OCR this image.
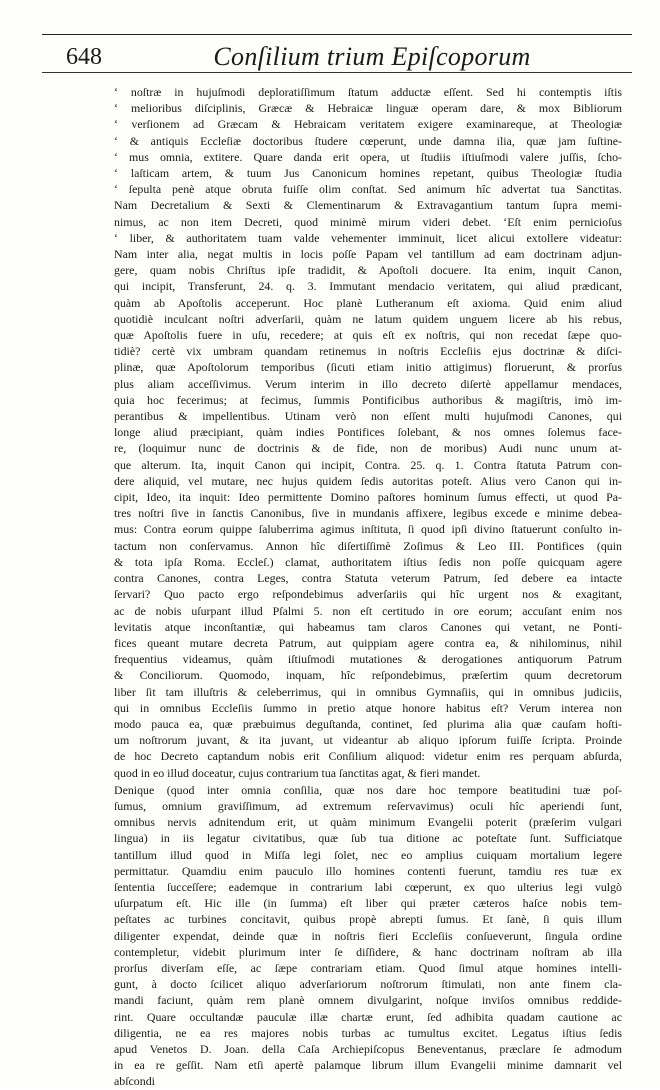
648	Conſilium trium Epiſcoporum
‘ noſtræ in hujuſmodi deploratiſſimum ſtatum adductæ eſſent. Sed hi contemptis iſtis
‘ melioribus diſciplinis, Græcæ & Hebraicæ linguæ operam dare, & mox Bibliorum
‘ verſionem ad Græcam & Hebraicam veritatem exigere examinareque, at Theologiæ
‘ & antiquis Eccleſiæ doctoribus ſtudere cœperunt, unde damna ilia, quæ jam ſuſtine-
‘ mus omnia, extitere. Quare danda erit opera, ut ſtudiis iſtiuſmodi valere juſſis, ſcho-
‘ laſticam artem, & tuum Jus Canonicum homines repetant, quibus Theologiæ ſtudia
‘ ſepulta penè atque obruta fuiſſe olim conſtat. Sed animum hîc advertat tua Sanctitas.
Nam Decretalium & Sexti & Clementinarum & Extravagantium tantum ſupra memi-
nimus, ac non item Decreti, quod minimè mirum videri debet. ‘Eſt enim pernicioſus
‘ liber, & authoritatem tuam valde vehementer imminuit, licet alicui extollere videatur:
Nam inter alia, negat multis in locis poſſe Papam vel tantillum ad eam doctrinam adjun-
gere, quam nobis Chriſtus ipſe tradidit, & Apoſtoli docuere. Ita enim, inquit Canon,
qui incipit, Transferunt, 24. q. 3. Immutant mendacio veritatem, qui aliud prædicant,
quàm ab Apoſtolis acceperunt. Hoc planè Lutheranum eſt axioma. Quid enim aliud
quotidiè inculcant noſtri adverſarii, quàm ne latum quidem unguem licere ab his rebus,
quæ Apoſtolis fuere in uſu, recedere; at quis eſt ex noſtris, qui non recedat ſæpe quo-
tidiè? certè vix umbram quandam retinemus in noſtris Eccleſiis ejus doctrinæ & diſci-
plinæ, quæ Apoſtolorum temporibus (ſicuti etiam initio attigimus) floruerunt, & prorſus
plus aliam acceſſivimus. Verum interim in illo decreto diſertè appellamur mendaces,
quia hoc fecerimus; at fecimus, ſummis Pontificibus authoribus & magiſtris, imò im-
perantibus & impellentibus. Utinam verò non eſſent multi hujuſmodi Canones, qui
longe aliud præcipiant, quàm indies Pontifices ſolebant, & nos omnes ſolemus face-
re, (loquimur nunc de doctrinis & de fide, non de moribus) Audi nunc unum at-
que alterum. Ita, inquit Canon qui incipit, Contra. 25. q. 1. Contra ſtatuta Patrum con-
dere aliquid, vel mutare, nec hujus quidem ſedis autoritas poteſt. Alius vero Canon qui in-
cipit, Ideo, ita inquit: Ideo permittente Domino paſtores hominum ſumus effecti, ut quod Pa-
tres noſtri ſive in ſanctis Canonibus, ſive in mundanis affixere, legibus excede e minime debea-
mus: Contra eorum quippe ſaluberrima agimus inſtituta, ſi quod ipſi divino ſtatuerunt conſulto in-
tactum non conſervamus. Annon hîc diſertiſſimè Zoſimus & Leo III. Pontifices (quin
& tota ipſa Roma. Eccleſ.) clamat, authoritatem iſtius ſedis non poſſe quicquam agere
contra Canones, contra Leges, contra Statuta veterum Patrum, ſed debere ea intacte
ſervari? Quo pacto ergo reſpondebimus adverſariis qui hîc urgent nos & exagitant,
ac de nobis uſurpant illud Pſalmi 5. non eſt certitudo in ore eorum; accuſant enim nos
levitatis atque inconſtantiæ, qui habeamus tam claros Canones qui vetant, ne Ponti-
fices queant mutare decreta Patrum, aut quippiam agere contra ea, & nihilominus, nihil
frequentius videamus, quàm iſtiuſmodi mutationes & derogationes antiquorum Patrum
& Conciliorum. Quomodo, inquam, hîc reſpondebimus, præſertim quum decretorum
liber ſit tam illuſtris & celeberrimus, qui in omnibus Gymnaſiis, qui in omnibus judiciis,
qui in omnibus Eccleſiis ſummo in pretio atque honore habitus eſt? Verum interea non
modo pauca ea, quæ præbuimus deguſtanda, continet, ſed plurima alia quæ cauſam hoſti-
um noſtrorum juvant, & ita juvant, ut videantur ab aliquo ipſorum fuiſſe ſcripta. Proinde
de hoc Decreto captandum nobis erit Conſilium aliquod: videtur enim res perquam abſurda,
quod in eo illud doceatur, cujus contrarium tua ſanctitas agat, & fieri mandet.
Denique (quod inter omnia conſilia, quæ nos dare hoc tempore beatitudini tuæ poſ-
ſumus, omnium graviſſimum, ad extremum reſervavimus) oculi hîc aperiendi ſunt,
omnibus nervis adnitendum erit, ut quàm minimum Evangelii poterit (præſerim vulgari
lingua) in iis legatur civitatibus, quæ ſub tua ditione ac poteſtate ſunt. Sufficiatque
tantillum illud quod in Miſſa legi ſolet, nec eo amplius cuiquam mortalium legere
permittatur. Quamdiu enim pauculo illo homines contenti fuerunt, tamdiu res tuæ ex
ſententia ſucceſſere; eademque in contrarium labi cœperunt, ex quo ulterius legi vulgò
uſurpatum eſt. Hic ille (in ſumma) eſt liber qui præter cæteros haſce nobis tem-
peſtates ac turbines concitavit, quibus propè abrepti ſumus. Et ſanè, ſi quis illum
diligenter expendat, deinde quæ in noſtris fieri Eccleſiis conſueverunt, ſingula ordine
contempletur, videbit plurimum inter ſe diſſidere, & hanc doctrinam noſtram ab illa
prorſus diverſam eſſe, ac ſæpe contrariam etiam. Quod ſimul atque homines intelli-
gunt, à docto ſcilicet aliquo adverſariorum noſtrorum ſtimulati, non ante finem cla-
mandi faciunt, quàm rem planè omnem divulgarint, noſque inviſos omnibus reddide-
rint. Quare occultandæ pauculæ illæ chartæ erunt, ſed adhibita quadam cautione ac
diligentia, ne ea res majores nobis turbas ac tumultus excitet. Legatus iſtius ſedis
apud Venetos D. Joan. della Caſa Archiepiſcopus Beneventanus, præclare ſe admodum
in ea re geſſit. Nam etſi apertè palamque librum illum Evangelii minime damnarit vel
abſcondi
